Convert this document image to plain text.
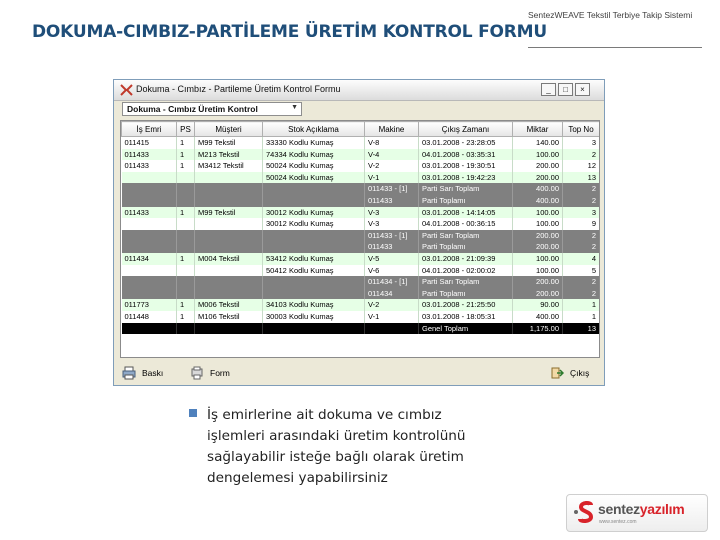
DOKUMA-CIMBIZ-PARTİLEME ÜRETİM KONTROL FORMU
SentezWEAVE Tekstil Terbiye Takip Sistemi
Dokuma - Cımbız - Partileme Üretim Kontrol Formu	_	□	×
Dokuma - Cımbız Üretim Kontrol	▼
İş Emri	PS	Müşteri	Stok Açıklama	Makine	Çıkış Zamanı	Miktar	Top No
011415	1	M99 Tekstil	33330 Kodlu Kumaş	V-8	03.01.2008 - 23:28:05	140.00	3
011433	1	M213 Tekstil	74334 Kodlu Kumaş	V-4	04.01.2008 - 03:35:31	100.00	2
011433	1	M3412 Tekstil	50024 Kodlu Kumaş	V-2	03.01.2008 - 19:30:51	200.00	12
			50024 Kodlu Kumaş	V-1	03.01.2008 - 19:42:23	200.00	13
				011433 - [1]	Parti Sarı Toplam	400.00	2
				011433	Parti Toplamı	400.00	2
011433	1	M99 Tekstil	30012 Kodlu Kumaş	V-3	03.01.2008 - 14:14:05	100.00	3
			30012 Kodlu Kumaş	V-3	04.01.2008 - 00:36:15	100.00	9
				011433 - [1]	Parti Sarı Toplam	200.00	2
				011433	Parti Toplamı	200.00	2
011434	1	M004 Tekstil	53412 Kodlu Kumaş	V-5	03.01.2008 - 21:09:39	100.00	4
			50412 Kodlu Kumaş	V-6	04.01.2008 - 02:00:02	100.00	5
				011434 - [1]	Parti Sarı Toplam	200.00	2
				011434	Parti Toplamı	200.00	2
011773	1	M006 Tekstil	34103 Kodlu Kumaş	V-2	03.01.2008 - 21:25:50	90.00	1
011448	1	M106 Tekstil	30003 Kodlu Kumaş	V-1	03.01.2008 - 18:05:31	400.00	1
					Genel Toplam	1,175.00	13
Baskı	Form	Çıkış
İş emirlerine ait dokuma ve cımbız
işlemleri arasındaki üretim kontrolünü
sağlayabilir isteğe bağlı olarak üretim
dengelemesi yapabilirsiniz
sentezyazılım
www.sentez.com
